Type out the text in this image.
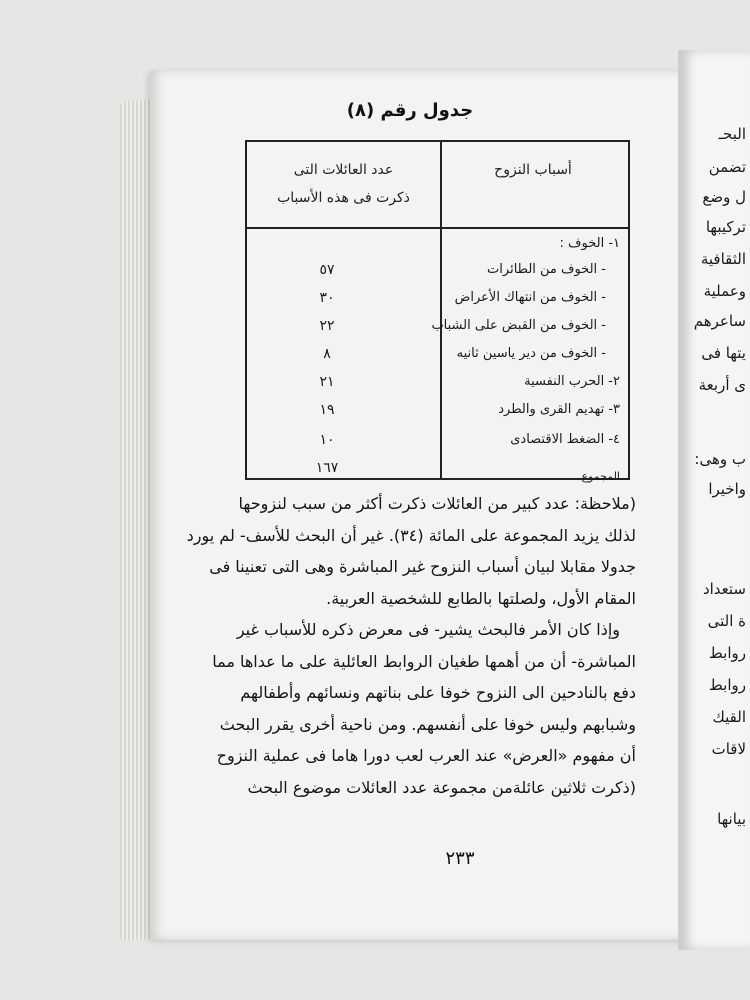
البحـ
تضمن
ل وضع
تركيبها
الثقافية
وعملية
ساعرهم
يتها فى
ى أربعة
ب وهى:
واخيرا
ستعداد
ة التى
روابط
روابط
القيك
لاقات
بيانها
جدول رقم (٨)
أسباب النزوح
عدد العائلات التى
ذكرت فى هذه الأسباب
١- الخوف :
- الخوف من الطائرات
٥٧
- الخوف من انتهاك الأعراض
٣٠
- الخوف من القبض على الشباب
٢٢
- الخوف من دير ياسين ثانيه
٨
٢- الحرب النفسية
٢١
٣- تهديم القرى والطرد
١٩
٤- الضغط الاقتصادى
١٠
المجموع
١٦٧
(ملاحظة: عدد كبير من العائلات ذكرت أكثر من سبب لنزوحها
لذلك يزيد المجموعة على المائة (٣٤). غير أن البحث للأسف- لم يورد
جدولا مقابلا لبيان أسباب النزوح غير المباشرة وهى التى تعنينا فى
المقام الأول، ولصلتها بالطابع للشخصية العربية.
وإذا كان الأمر فالبحث يشير- فى معرض ذكره للأسباب غير
المباشرة- أن من أهمها طغيان الروابط العائلية على ما عداها مما
دفع بالنادحين الى النزوح خوفا على بناتهم ونسائهم وأطفالهم
وشبابهم وليس خوفا على أنفسهم. ومن ناحية أخرى يقرر البحث
أن مفهوم «العرض» عند العرب لعب دورا هاما فى عملية النزوح
(ذكرت ثلاثين عائلةمن مجموعة عدد العائلات موضوع البحث
٢٣٣
